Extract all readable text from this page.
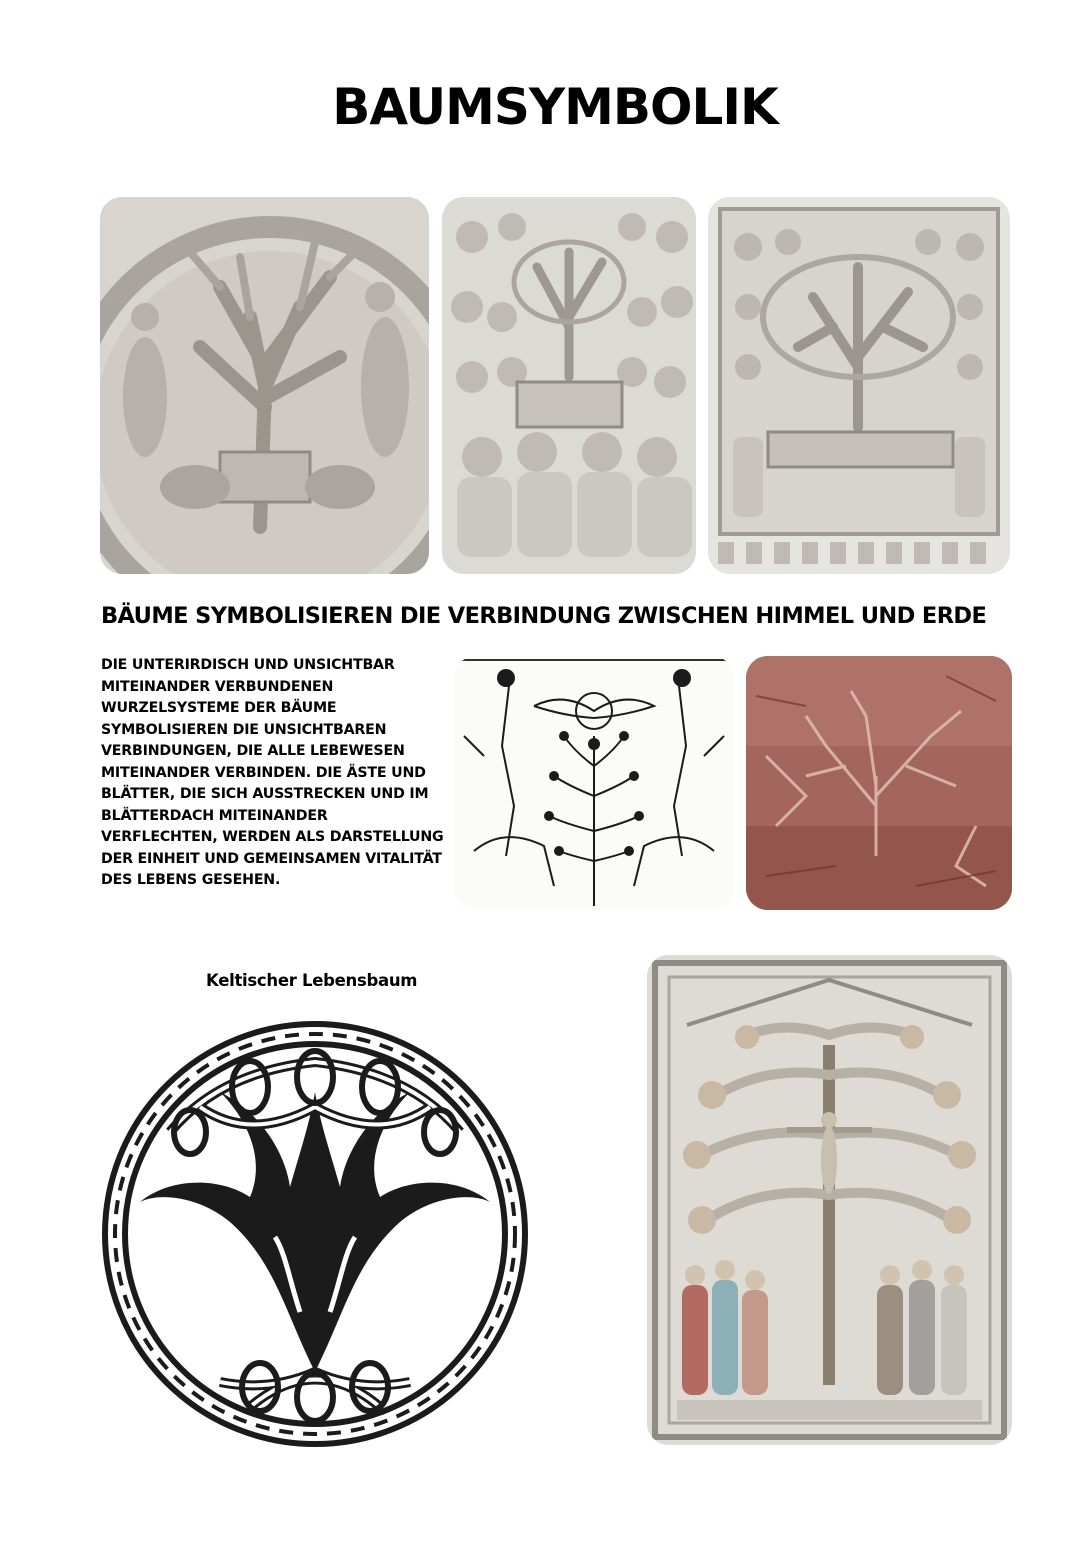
BAUMSYMBOLIK
BÄUME SYMBOLISIEREN DIE VERBINDUNG ZWISCHEN HIMMEL UND ERDE

DIE UNTERIRDISCH UND UNSICHTBAR MITEINANDER VERBUNDENEN WURZELSYSTEME DER BÄUME SYMBOLISIEREN DIE UNSICHTBAREN VERBINDUNGEN, DIE ALLE LEBEWESEN MITEINANDER VERBINDEN. DIE ÄSTE UND BLÄTTER, DIE SICH AUSSTRECKEN UND IM BLÄTTERDACH MITEINANDER VERFLECHTEN, WERDEN ALS DARSTELLUNG DER EINHEIT UND GEMEINSAMEN VITALITÄT DES LEBENS GESEHEN.

Keltischer Lebensbaum
